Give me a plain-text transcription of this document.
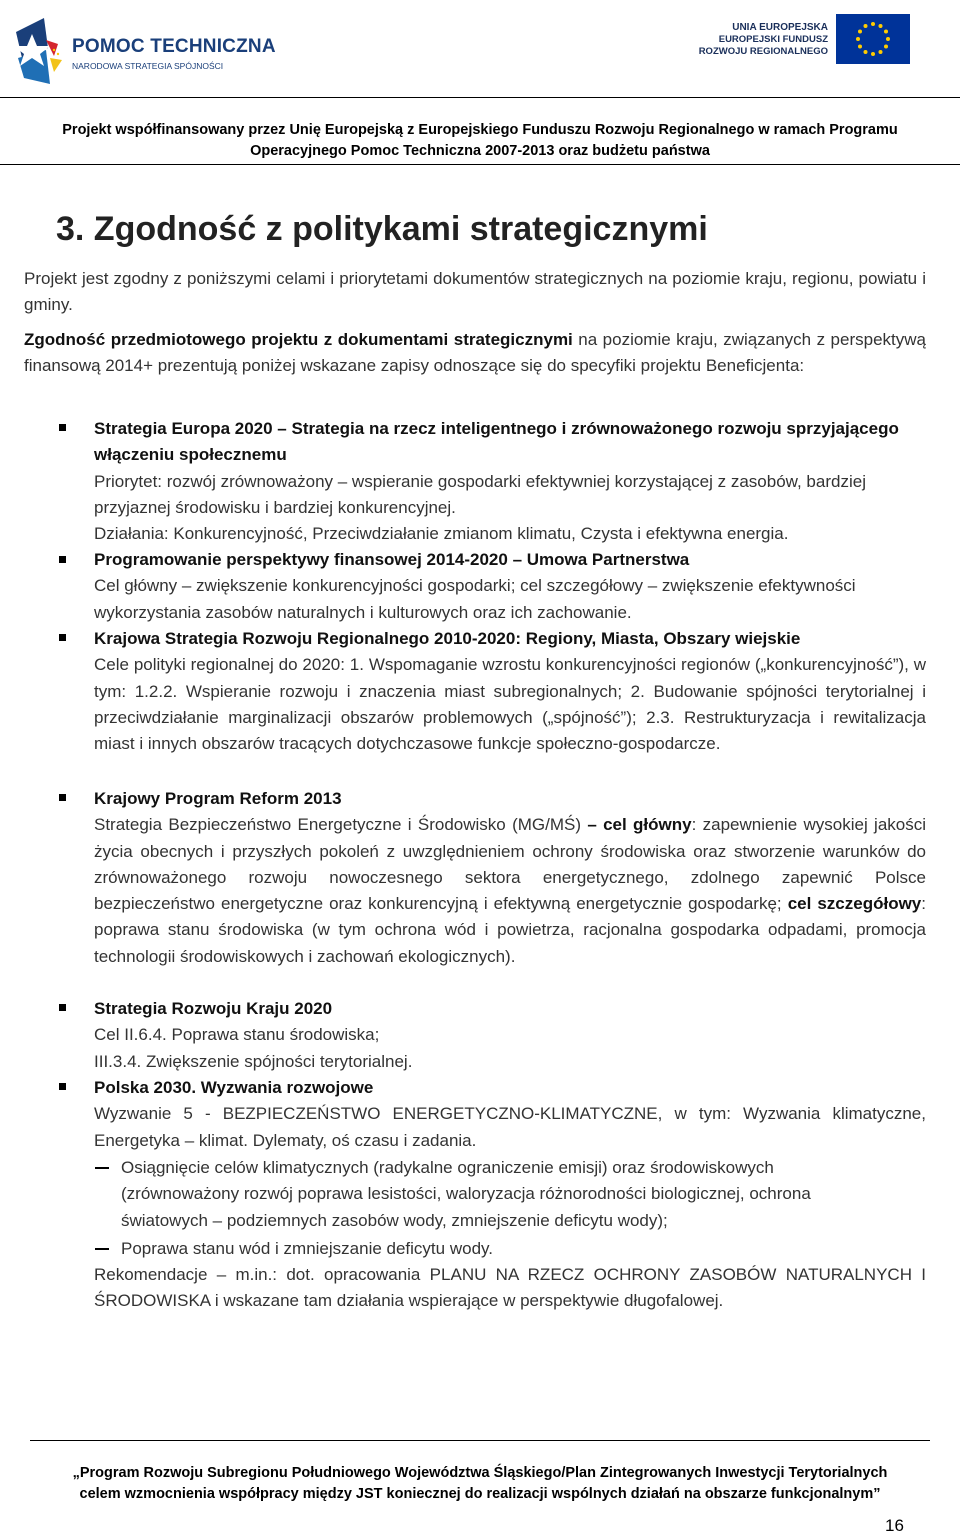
POMOC TECHNICZNA
NARODOWA STRATEGIA SPÓJNOŚCI
UNIA EUROPEJSKA
EUROPEJSKI FUNDUSZ
ROZWOJU REGIONALNEGO
Projekt współfinansowany przez Unię Europejską z Europejskiego Funduszu Rozwoju Regionalnego w ramach Programu
Operacyjnego Pomoc Techniczna 2007-2013 oraz budżetu państwa
3. Zgodność z politykami strategicznymi
Projekt jest zgodny z poniższymi celami i priorytetami dokumentów strategicznych na poziomie kraju, regionu, powiatu i gminy.
Zgodność przedmiotowego projektu z dokumentami strategicznymi na poziomie kraju, związanych z perspektywą finansową 2014+ prezentują poniżej wskazane zapisy odnoszące się do specyfiki projektu Beneficjenta:
Strategia Europa 2020 – Strategia na rzecz inteligentnego i zrównoważonego rozwoju sprzyjającego włączeniu społecznemu
Priorytet: rozwój zrównoważony – wspieranie gospodarki efektywniej korzystającej z zasobów, bardziej przyjaznej środowisku i bardziej konkurencyjnej.
Działania: Konkurencyjność, Przeciwdziałanie zmianom klimatu, Czysta i efektywna energia.
Programowanie perspektywy finansowej 2014-2020 – Umowa Partnerstwa
Cel główny – zwiększenie konkurencyjności gospodarki; cel szczegółowy – zwiększenie efektywności wykorzystania zasobów naturalnych i kulturowych oraz ich zachowanie.
Krajowa Strategia Rozwoju Regionalnego 2010-2020: Regiony, Miasta, Obszary wiejskie
Cele polityki regionalnej do 2020: 1. Wspomaganie wzrostu konkurencyjności regionów („konkurencyjność”), w tym: 1.2.2. Wspieranie rozwoju i znaczenia miast subregionalnych; 2. Budowanie spójności terytorialnej i przeciwdziałanie marginalizacji obszarów problemowych („spójność”); 2.3. Restrukturyzacja i rewitalizacja miast i innych obszarów tracących dotychczasowe funkcje społeczno-gospodarcze.
Krajowy Program Reform 2013
Strategia Bezpieczeństwo Energetyczne i Środowisko (MG/MŚ) – cel główny: zapewnienie wysokiej jakości życia obecnych i przyszłych pokoleń z uwzględnieniem ochrony środowiska oraz stworzenie warunków do zrównoważonego rozwoju nowoczesnego sektora energetycznego, zdolnego zapewnić Polsce bezpieczeństwo energetyczne oraz konkurencyjną i efektywną energetycznie gospodarkę; cel szczegółowy: poprawa stanu środowiska (w tym ochrona wód i powietrza, racjonalna gospodarka odpadami, promocja technologii środowiskowych i zachowań ekologicznych).
Strategia Rozwoju Kraju 2020
Cel II.6.4. Poprawa stanu środowiska;
III.3.4. Zwiększenie spójności terytorialnej.
Polska 2030. Wyzwania rozwojowe
Wyzwanie 5 - BEZPIECZEŃSTWO ENERGETYCZNO-KLIMATYCZNE, w tym: Wyzwania klimatyczne, Energetyka – klimat. Dylematy, oś czasu i zadania.
Osiągnięcie celów klimatycznych (radykalne ograniczenie emisji) oraz środowiskowych (zrównoważony rozwój poprawa lesistości, waloryzacja różnorodności biologicznej, ochrona światowych – podziemnych zasobów wody, zmniejszenie deficytu wody);
Poprawa stanu wód i zmniejszanie deficytu wody.
Rekomendacje – m.in.: dot. opracowania PLANU NA RZECZ OCHRONY ZASOBÓW NATURALNYCH I ŚRODOWISKA i wskazane tam działania wspierające w perspektywie długofalowej.
„Program Rozwoju Subregionu Południowego Województwa Śląskiego/Plan Zintegrowanych Inwestycji Terytorialnych
celem wzmocnienia współpracy między JST koniecznej do realizacji wspólnych działań na obszarze funkcjonalnym”
16
